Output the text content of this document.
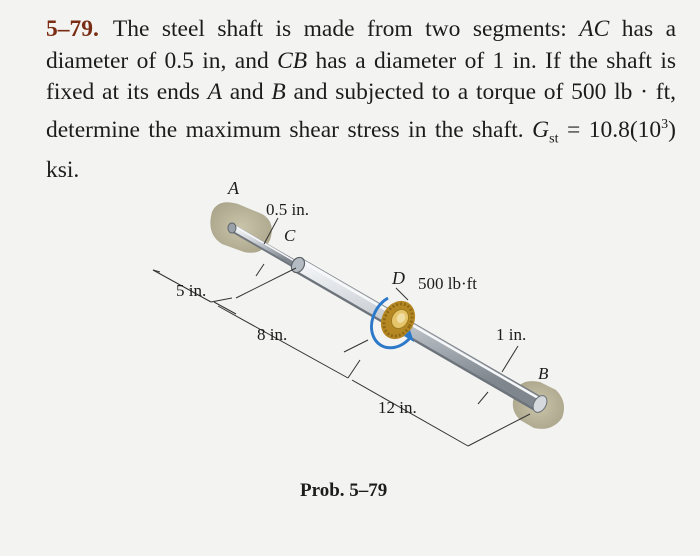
5–79. The steel shaft is made from two segments: AC has a diameter of 0.5 in, and CB has a diameter of 1 in. If the shaft is fixed at its ends A and B and subjected to a torque of 500 lb · ft, determine the maximum shear stress in the shaft. $G_{st} = 10.8(10^3)$ ksi.
A
0.5 in.
C
D 500 lb·ft
5 in.
8 in.	1 in.
B
12 in.
Prob. 5–79
